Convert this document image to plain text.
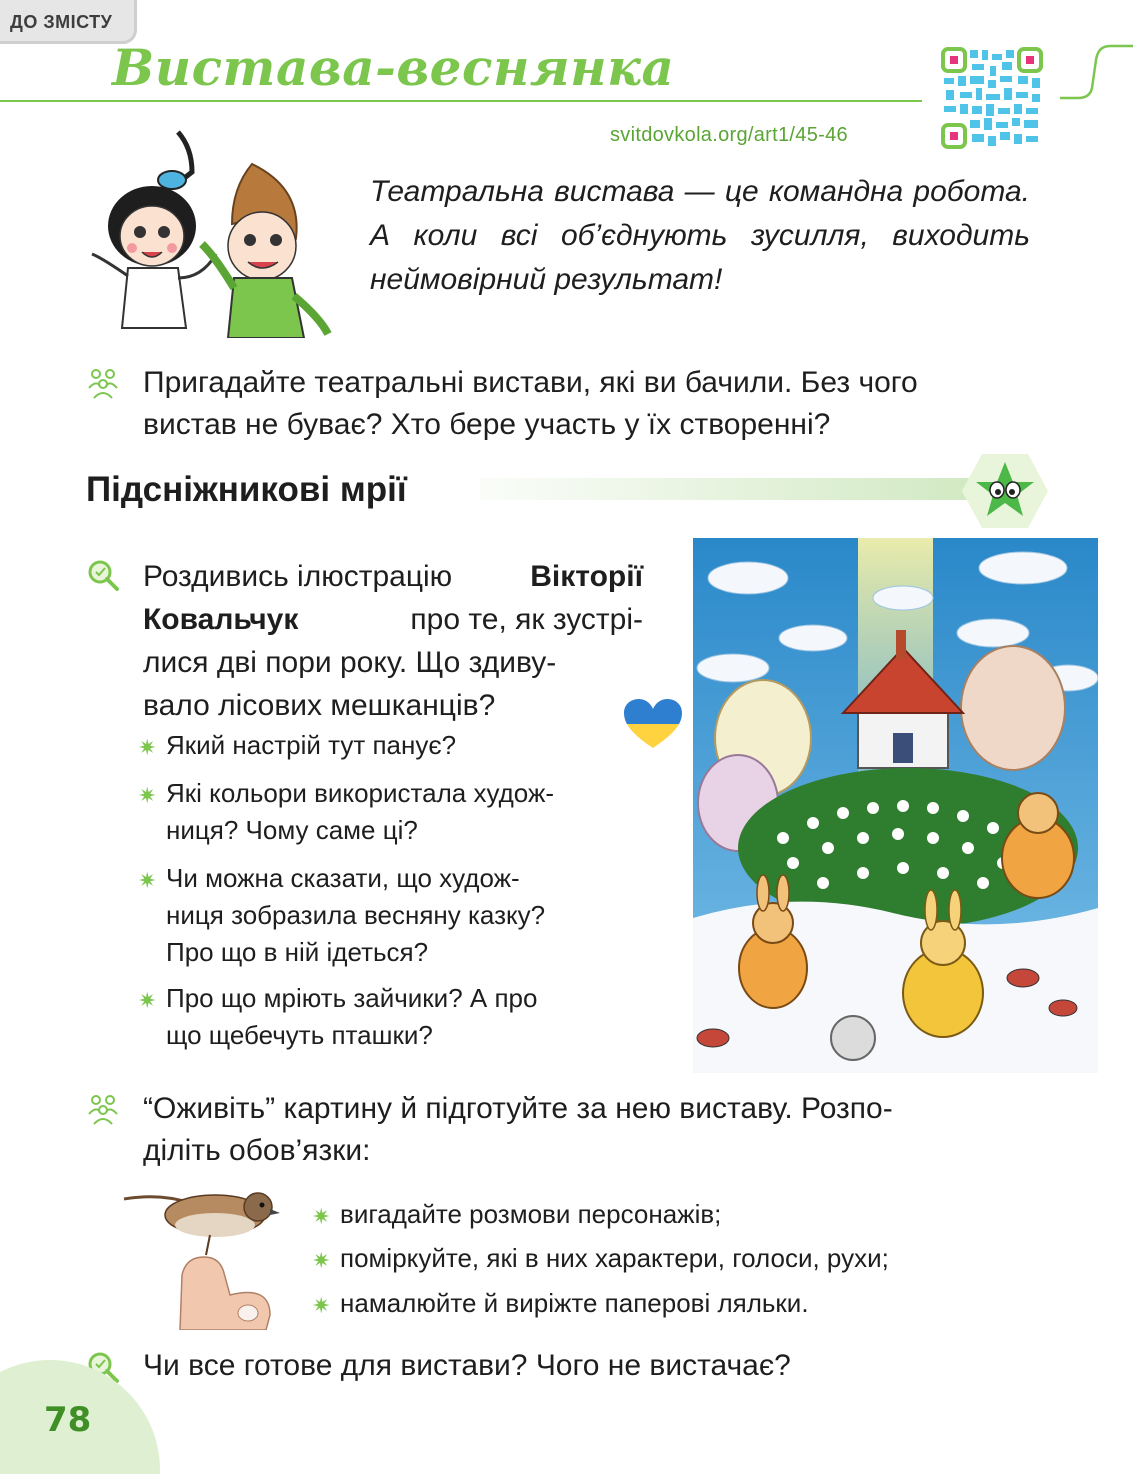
ДО ЗМІСТУ
Вистава-веснянка
svitdovkola.org/art1/45-46
Театральна вистава — це командна робота. А коли всі об’єднують зусилля, виходить неймовірний результат!
Пригадайте театральні вистави, які ви бачили. Без чого
вистав не буває? Хто бере участь у їх створенні?
Підсніжникові мрії
Роздивись ілюстрацію	Вікторії
Ковальчук	про те, як зустрі-
лися дві пори року. Що здиву-
вало лісових мешканців?
✷ Який настрій тут панує?
✷ Які кольори використала худож-
ниця? Чому саме ці?
✷ Чи можна сказати, що худож-
ниця зобразила весняну казку?
Про що в ній ідеться?
✷ Про що мріють зайчики? А про
що щебечуть пташки?
“Оживіть” картину й підготуйте за нею виставу. Розпо-
діліть обов’язки:
✷ вигадайте розмови персонажів;
✷ поміркуйте, які в них характери, голоси, рухи;
✷ намалюйте й виріжте паперові ляльки.
Чи все готове для вистави? Чого не вистачає?
78
